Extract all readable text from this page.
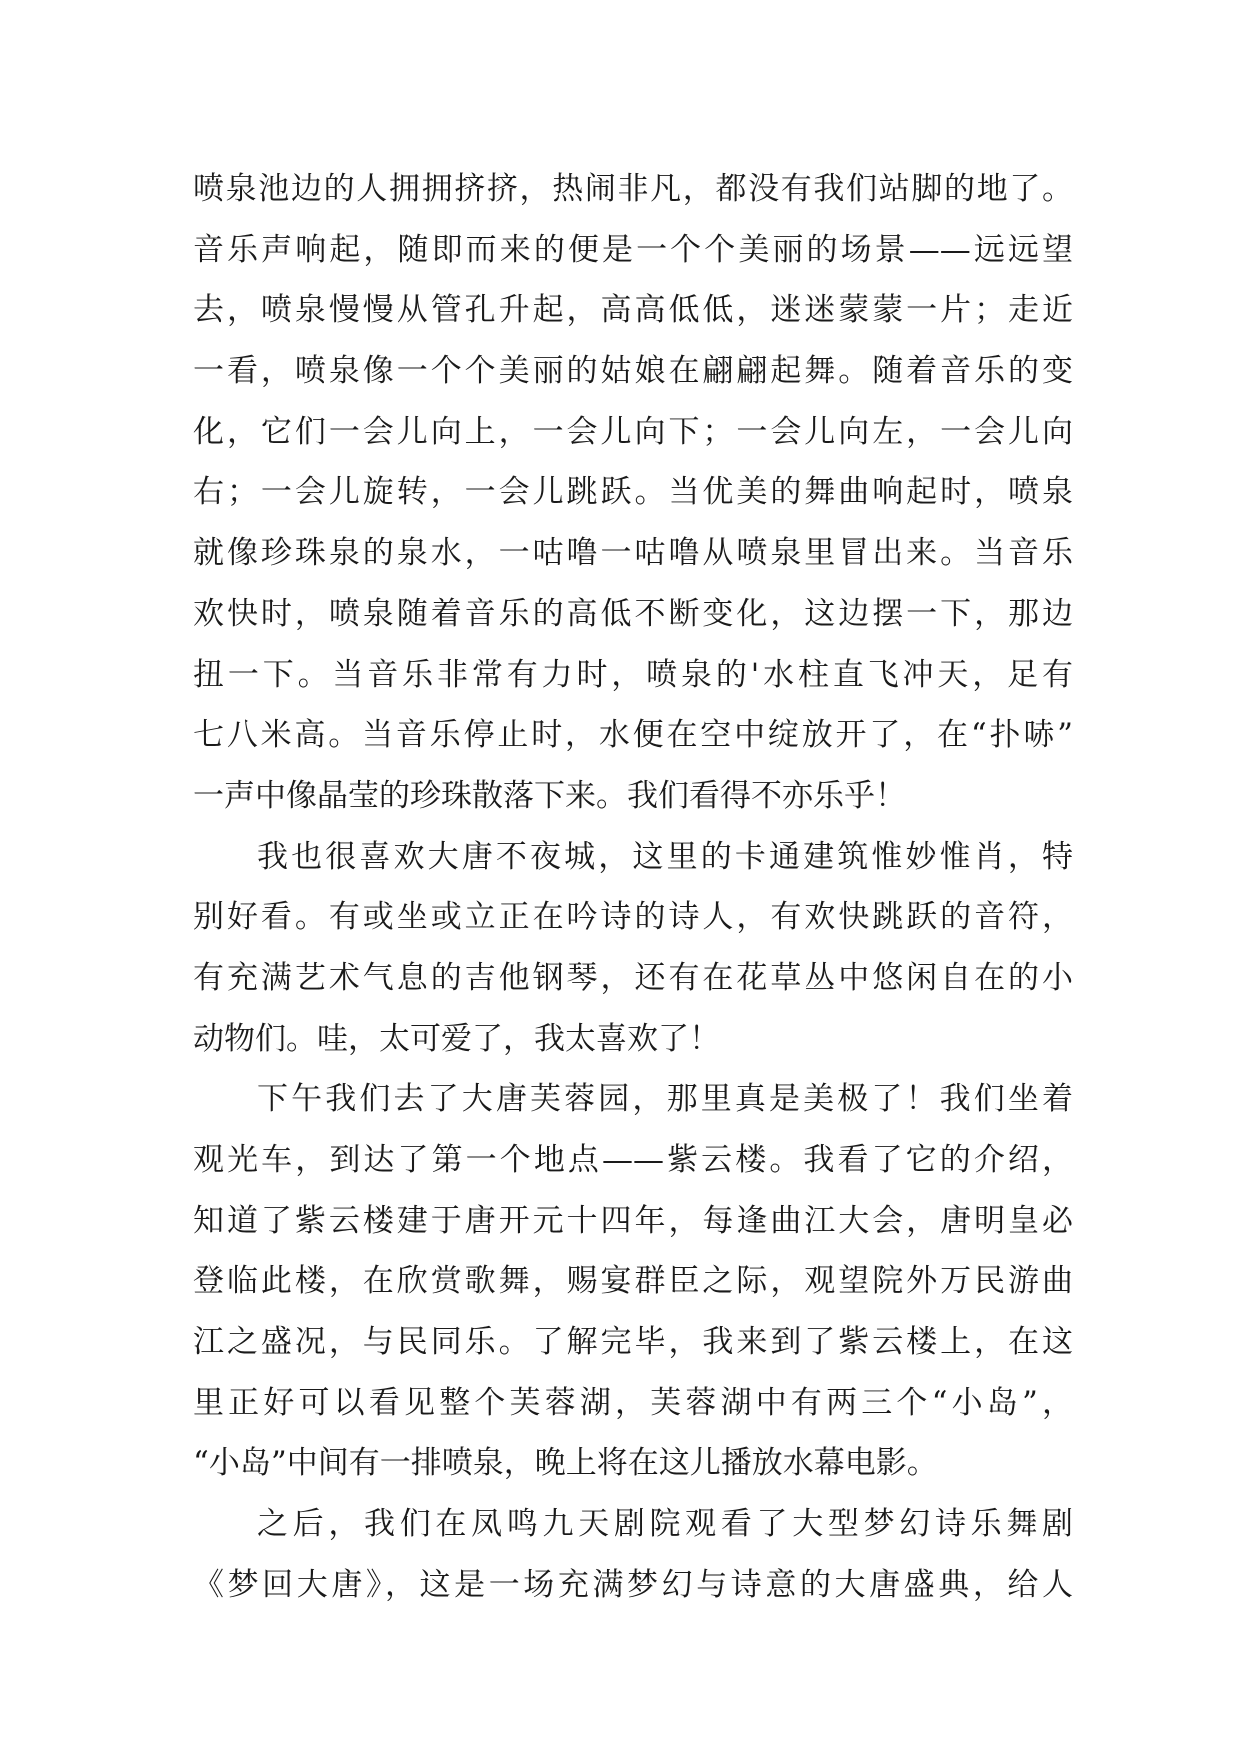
喷泉池边的人拥拥挤挤，热闹非凡，都没有我们站脚的地了。
音乐声响起，随即而来的便是一个个美丽的场景——远远望
去，喷泉慢慢从管孔升起，高高低低，迷迷蒙蒙一片；走近
一看，喷泉像一个个美丽的姑娘在翩翩起舞。随着音乐的变
化，它们一会儿向上，一会儿向下；一会儿向左，一会儿向
右；一会儿旋转，一会儿跳跃。当优美的舞曲响起时，喷泉
就像珍珠泉的泉水，一咕噜一咕噜从喷泉里冒出来。当音乐
欢快时，喷泉随着音乐的高低不断变化，这边摆一下，那边
扭一下。当音乐非常有力时，喷泉的'水柱直飞冲天，足有
七八米高。当音乐停止时，水便在空中绽放开了，在“扑哧”
一声中像晶莹的珍珠散落下来。我们看得不亦乐乎！
我也很喜欢大唐不夜城，这里的卡通建筑惟妙惟肖，特
别好看。有或坐或立正在吟诗的诗人，有欢快跳跃的音符，
有充满艺术气息的吉他钢琴，还有在花草丛中悠闲自在的小
动物们。哇，太可爱了，我太喜欢了！
下午我们去了大唐芙蓉园，那里真是美极了！我们坐着
观光车，到达了第一个地点——紫云楼。我看了它的介绍，
知道了紫云楼建于唐开元十四年，每逢曲江大会，唐明皇必
登临此楼，在欣赏歌舞，赐宴群臣之际，观望院外万民游曲
江之盛况，与民同乐。了解完毕，我来到了紫云楼上，在这
里正好可以看见整个芙蓉湖，芙蓉湖中有两三个“小岛”，
“小岛”中间有一排喷泉，晚上将在这儿播放水幕电影。
之后，我们在凤鸣九天剧院观看了大型梦幻诗乐舞剧
《梦回大唐》，这是一场充满梦幻与诗意的大唐盛典，给人
